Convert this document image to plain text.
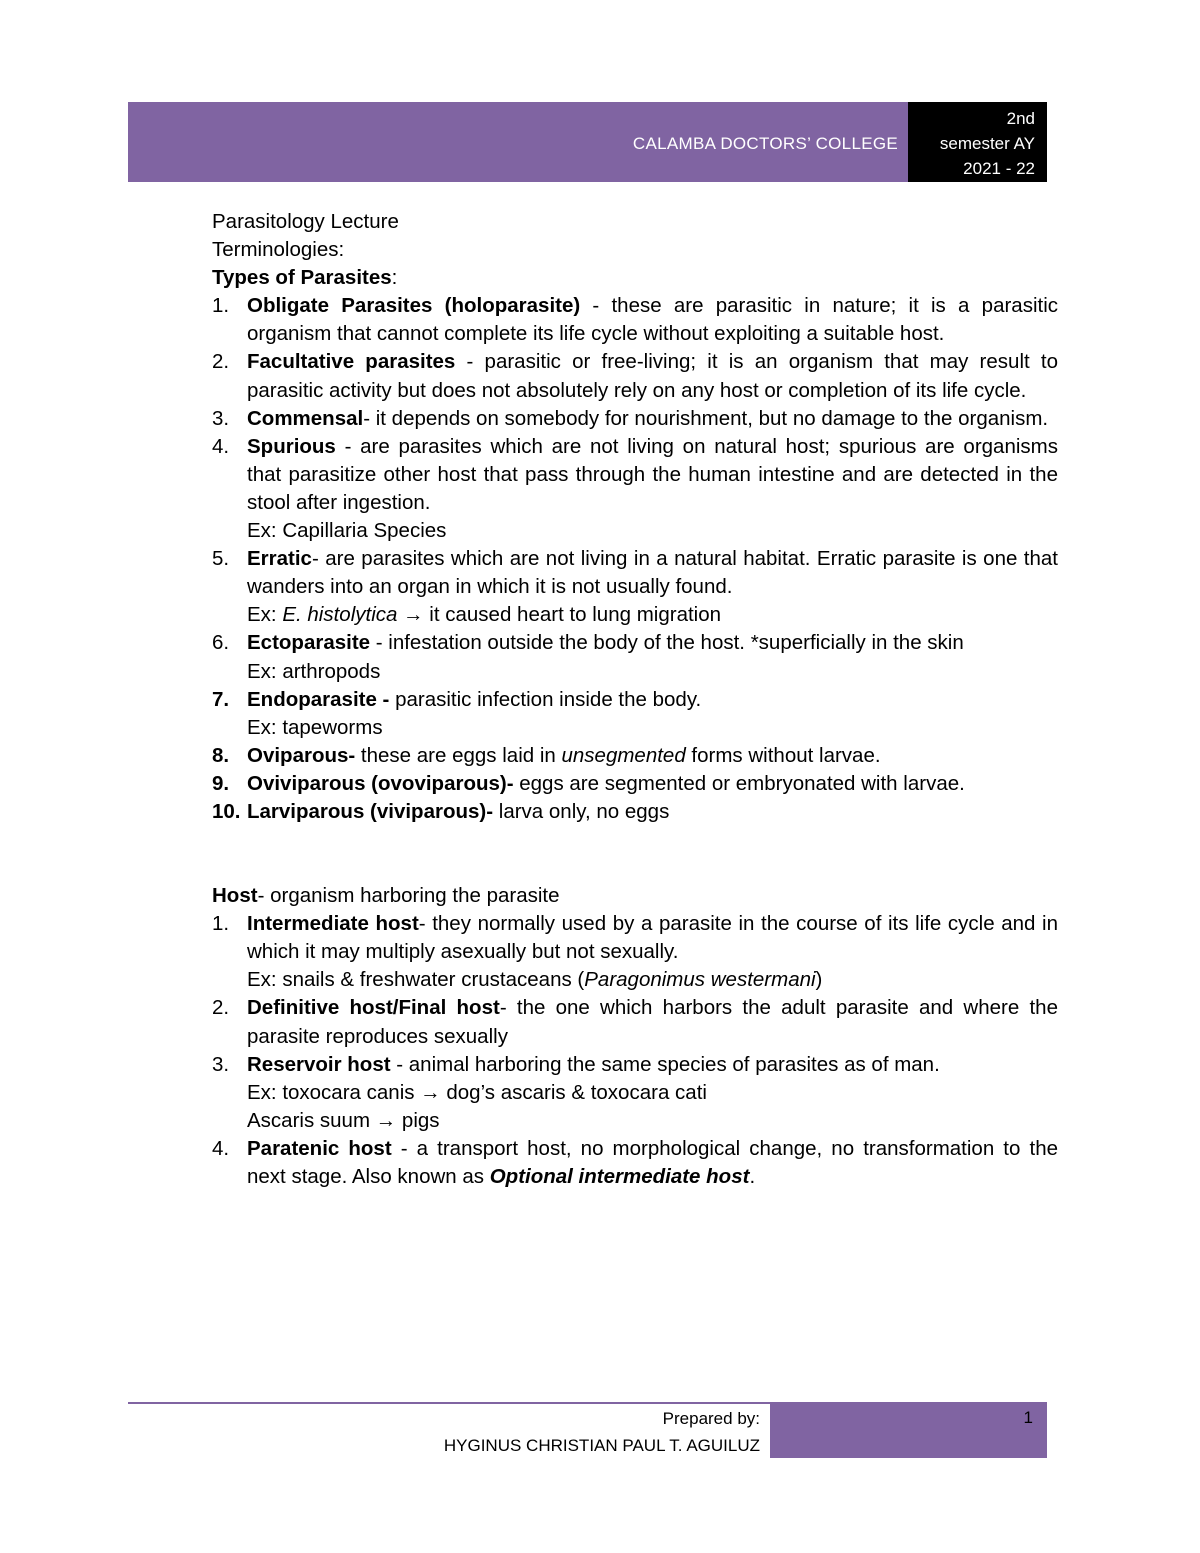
CALAMBA DOCTORS’ COLLEGE
2nd
semester AY
2021 - 22
Parasitology Lecture
Terminologies:
Types of Parasites:
1. Obligate Parasites (holoparasite) - these are parasitic in nature; it is a parasitic organism that cannot complete its life cycle without exploiting a suitable host.
2. Facultative parasites - parasitic or free-living; it is an organism that may result to parasitic activity but does not absolutely rely on any host or completion of its life cycle.
3. Commensal- it depends on somebody for nourishment, but no damage to the organism.
4. Spurious - are parasites which are not living on natural host; spurious are organisms that parasitize other host that pass through the human intestine and are detected in the stool after ingestion.
Ex: Capillaria Species
5. Erratic- are parasites which are not living in a natural habitat. Erratic parasite is one that wanders into an organ in which it is not usually found.
Ex: E. histolytica → it caused heart to lung migration
6. Ectoparasite - infestation outside the body of the host. *superficially in the skin
Ex: arthropods
7. Endoparasite - parasitic infection inside the body.
Ex: tapeworms
8. Oviparous- these are eggs laid in unsegmented forms without larvae.
9. Oviviparous (ovoviparous)- eggs are segmented or embryonated with larvae.
10. Larviparous (viviparous)- larva only, no eggs
Host- organism harboring the parasite
1. Intermediate host- they normally used by a parasite in the course of its life cycle and in which it may multiply asexually but not sexually.
Ex: snails & freshwater crustaceans (Paragonimus westermani)
2. Definitive host/Final host- the one which harbors the adult parasite and where the parasite reproduces sexually
3. Reservoir host - animal harboring the same species of parasites as of man.
Ex: toxocara canis → dog’s ascaris & toxocara cati
Ascaris suum → pigs
4. Paratenic host - a transport host, no morphological change, no transformation to the next stage. Also known as Optional intermediate host.
Prepared by:
HYGINUS CHRISTIAN PAUL T. AGUILUZ
1
